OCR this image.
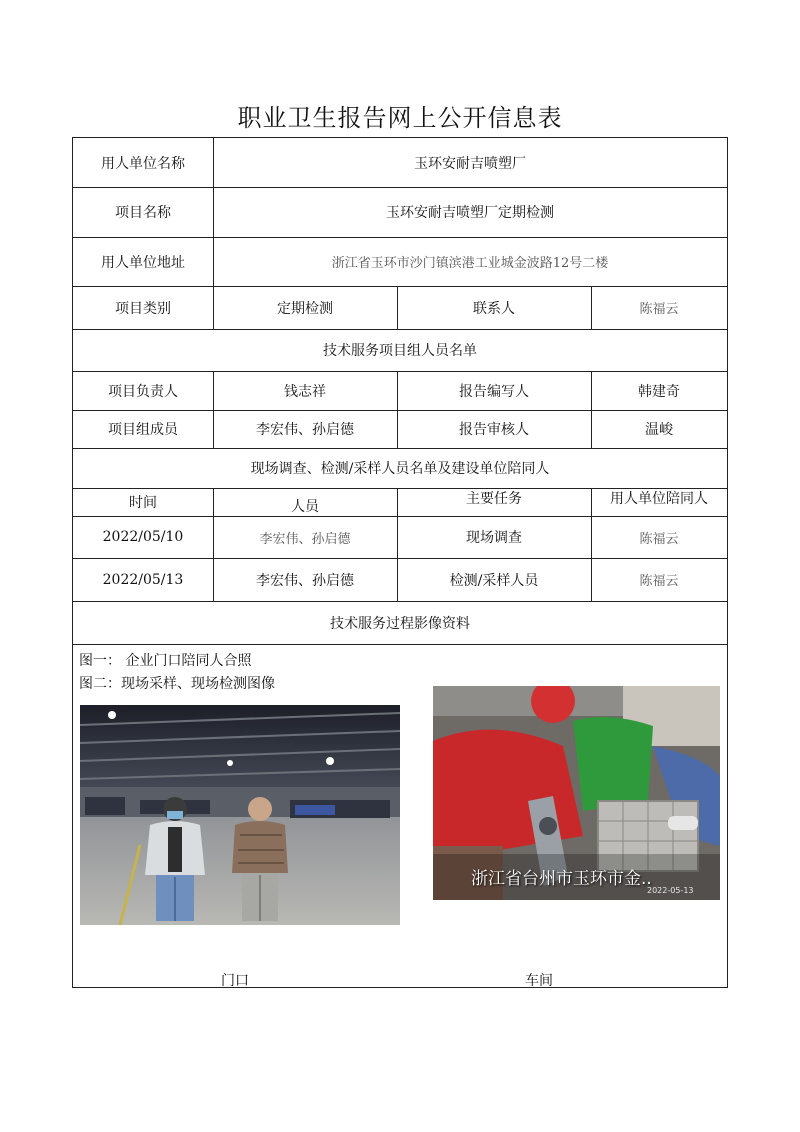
职业卫生报告网上公开信息表
用人单位名称	玉环安耐吉喷塑厂
项目名称	玉环安耐吉喷塑厂定期检测
用人单位地址	浙江省玉环市沙门镇滨港工业城金波路12号二楼
项目类别	定期检测	联系人	陈福云
技术服务项目组人员名单
项目负责人	钱志祥	报告编写人	韩建奇
项目组成员	李宏伟、孙启德	报告审核人	温峻
现场调查、检测/采样人员名单及建设单位陪同人
时间	人员	主要任务	用人单位陪同人
2022/05/10	李宏伟、孙启德	现场调查	陈福云
2022/05/13	李宏伟、孙启德	检测/采样人员	陈福云
技术服务过程影像资料
图一： 企业门口陪同人合照
图二：现场采样、现场检测图像
浙江省台州市玉环市金..
2022-05-13
门口	车间
